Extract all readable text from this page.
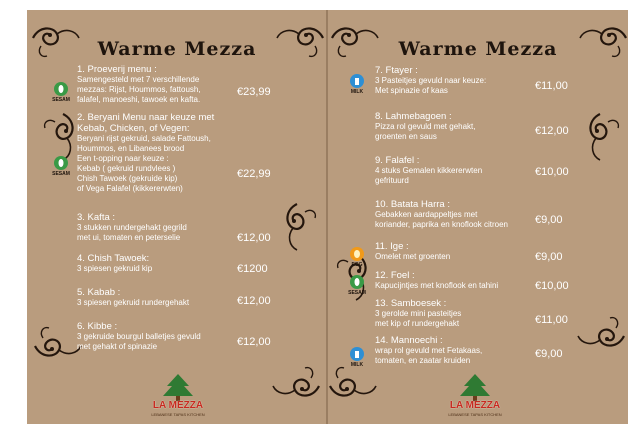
Warme Mezza
SESAM
SESAM
1. Proeverij menu :
Samengesteld met 7 verschillende
mezzas: Rijst, Hoummos, fattoush,
falafel, manoeshi, tawoek en kafta.
€23,99
2. Beryani Menu naar keuze met
Kebab, Chicken, of Vegen:
Beryani rijst gekruid, salade Fattoush,
Hoummos, en Libanees brood
Een t-opping naar keuze :
Kebab ( gekruid rundvlees )
Chish Tawoek (gekruide kip)
of Vega Falafel (kikkererwten)
€22,99
3. Kafta :
3 stukken rundergehakt gegrild
met ui, tomaten en peterselie	€12,00
4. Chish Tawoek:
3 spiesen gekruid kip	€1200
5. Kabab :
3 spiesen gekruid rundergehakt	€12,00
6. Kibbe :
3 gekruide bourgul balletjes gevuld
met gehakt of spinazie	€12,00
LA MEZZA
LEBANESE TAPAS KITCHEN
Warme Mezza
MILK
EGG
SESAM
MILK
7. Ftayer :
3 Pasteitjes gevuld naar keuze:
Met spinazie of kaas	€11,00
8. Lahmebagoen :
Pizza rol gevuld met gehakt,
groenten en saus	€12,00
9. Falafel :
4 stuks Gemalen kikkererwten
gefrituurd
€10,00
10. Batata Harra :
Gebakken aardappeltjes met
koriander, paprika en knoflook citroen	€9,00
11. Ige :
Omelet met groenten	€9,00
12. Foel :
Kapucijntjes met knoflook en tahini	€10,00
13. Samboesek :
3 gerolde mini pasteitjes
met kip of rundergehakt	€11,00
14. Mannoechi :
wrap rol gevuld met Fetakaas,
tomaten, en zaatar kruiden
€9,00
LA MEZZA
LEBANESE TAPAS KITCHEN
